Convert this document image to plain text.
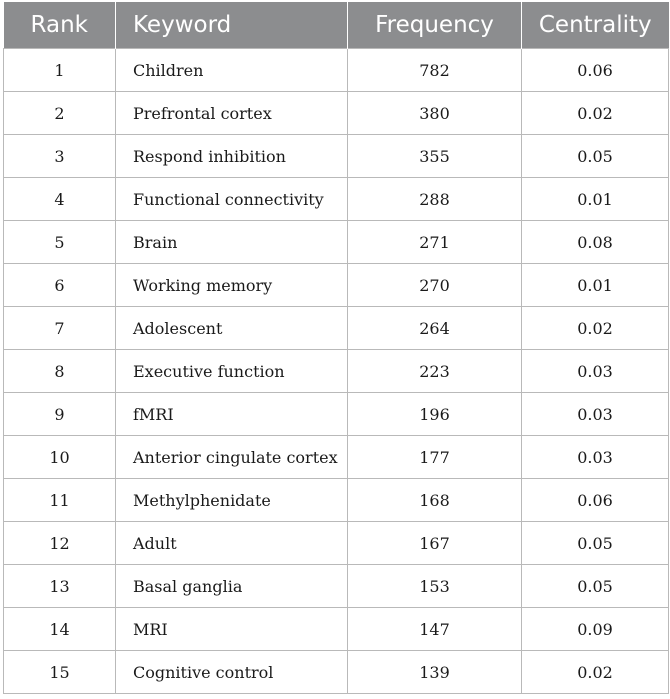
Rank	Keyword	Frequency	Centrality
1	Children	782	0.06
2	Prefrontal cortex	380	0.02
3	Respond inhibition	355	0.05
4	Functional connectivity	288	0.01
5	Brain	271	0.08
6	Working memory	270	0.01
7	Adolescent	264	0.02
8	Executive function	223	0.03
9	fMRI	196	0.03
10	Anterior cingulate cortex	177	0.03
11	Methylphenidate	168	0.06
12	Adult	167	0.05
13	Basal ganglia	153	0.05
14	MRI	147	0.09
15	Cognitive control	139	0.02
